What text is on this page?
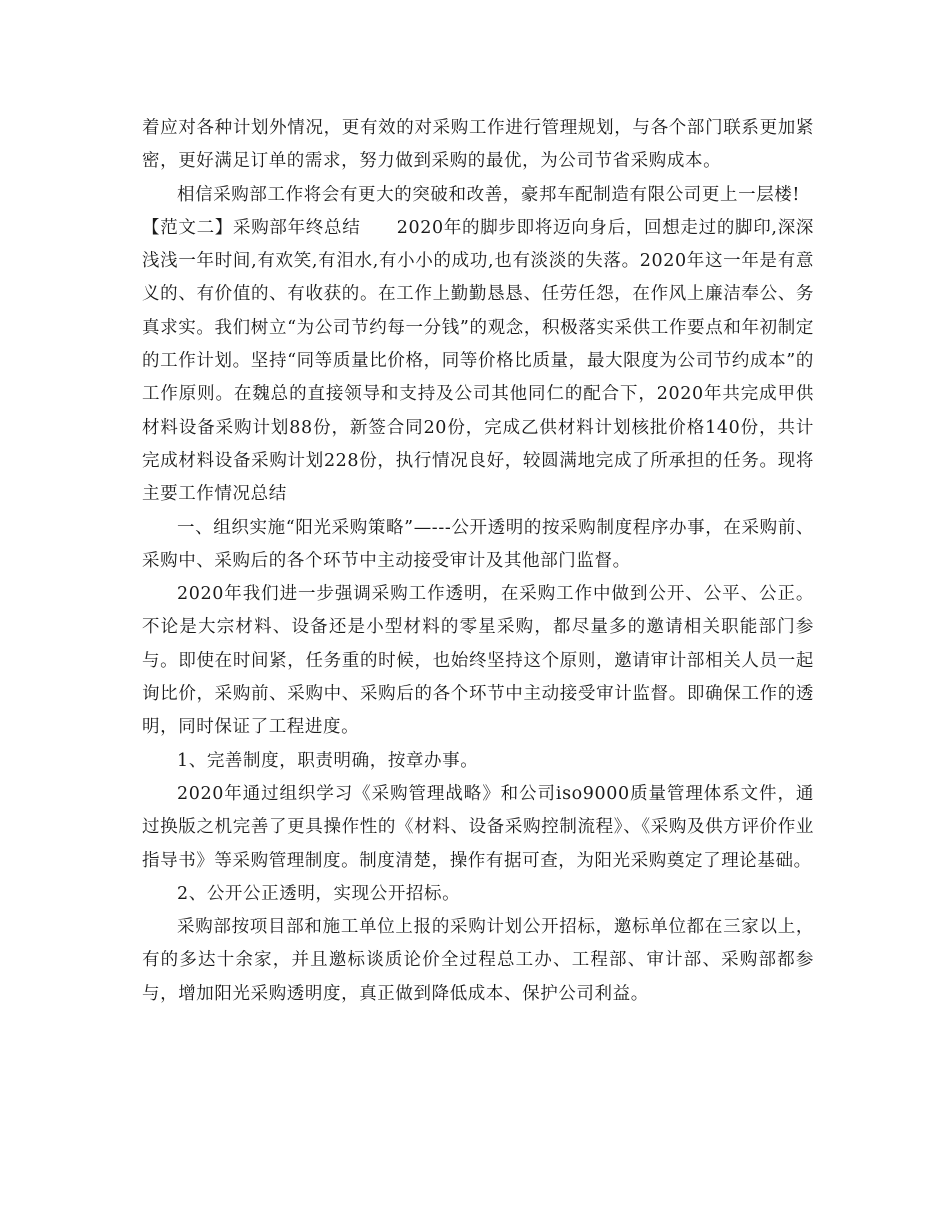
着应对各种计划外情况，更有效的对采购工作进行管理规划，与各个部门联系更加紧密，更好满足订单的需求，努力做到采购的最优，为公司节省采购成本。

相信采购部工作将会有更大的突破和改善，豪邦车配制造有限公司更上一层楼!

【范文二】采购部年终总结　　2020年的脚步即将迈向身后，回想走过的脚印,深深浅浅一年时间,有欢笑,有泪水,有小小的成功,也有淡淡的失落。2020年这一年是有意义的、有价值的、有收获的。在工作上勤勤恳恳、任劳任怨，在作风上廉洁奉公、务真求实。我们树立“为公司节约每一分钱”的观念，积极落实采供工作要点和年初制定的工作计划。坚持“同等质量比价格，同等价格比质量，最大限度为公司节约成本”的工作原则。在魏总的直接领导和支持及公司其他同仁的配合下，2020年共完成甲供材料设备采购计划88份，新签合同20份，完成乙供材料计划核批价格140份，共计完成材料设备采购计划228份，执行情况良好，较圆满地完成了所承担的任务。现将主要工作情况总结

一、组织实施“阳光采购策略”—---公开透明的按采购制度程序办事，在采购前、采购中、采购后的各个环节中主动接受审计及其他部门监督。

2020年我们进一步强调采购工作透明，在采购工作中做到公开、公平、公正。不论是大宗材料、设备还是小型材料的零星采购，都尽量多的邀请相关职能部门参与。即使在时间紧，任务重的时候，也始终坚持这个原则，邀请审计部相关人员一起询比价，采购前、采购中、采购后的各个环节中主动接受审计监督。即确保工作的透明，同时保证了工程进度。

1、完善制度，职责明确，按章办事。

2020年通过组织学习《采购管理战略》和公司iso9000质量管理体系文件，通过换版之机完善了更具操作性的《材料、设备采购控制流程》、《采购及供方评价作业指导书》等采购管理制度。制度清楚，操作有据可查，为阳光采购奠定了理论基础。

2、公开公正透明，实现公开招标。

采购部按项目部和施工单位上报的采购计划公开招标，邀标单位都在三家以上，有的多达十余家，并且邀标谈质论价全过程总工办、工程部、审计部、采购部都参与，增加阳光采购透明度，真正做到降低成本、保护公司利益。
